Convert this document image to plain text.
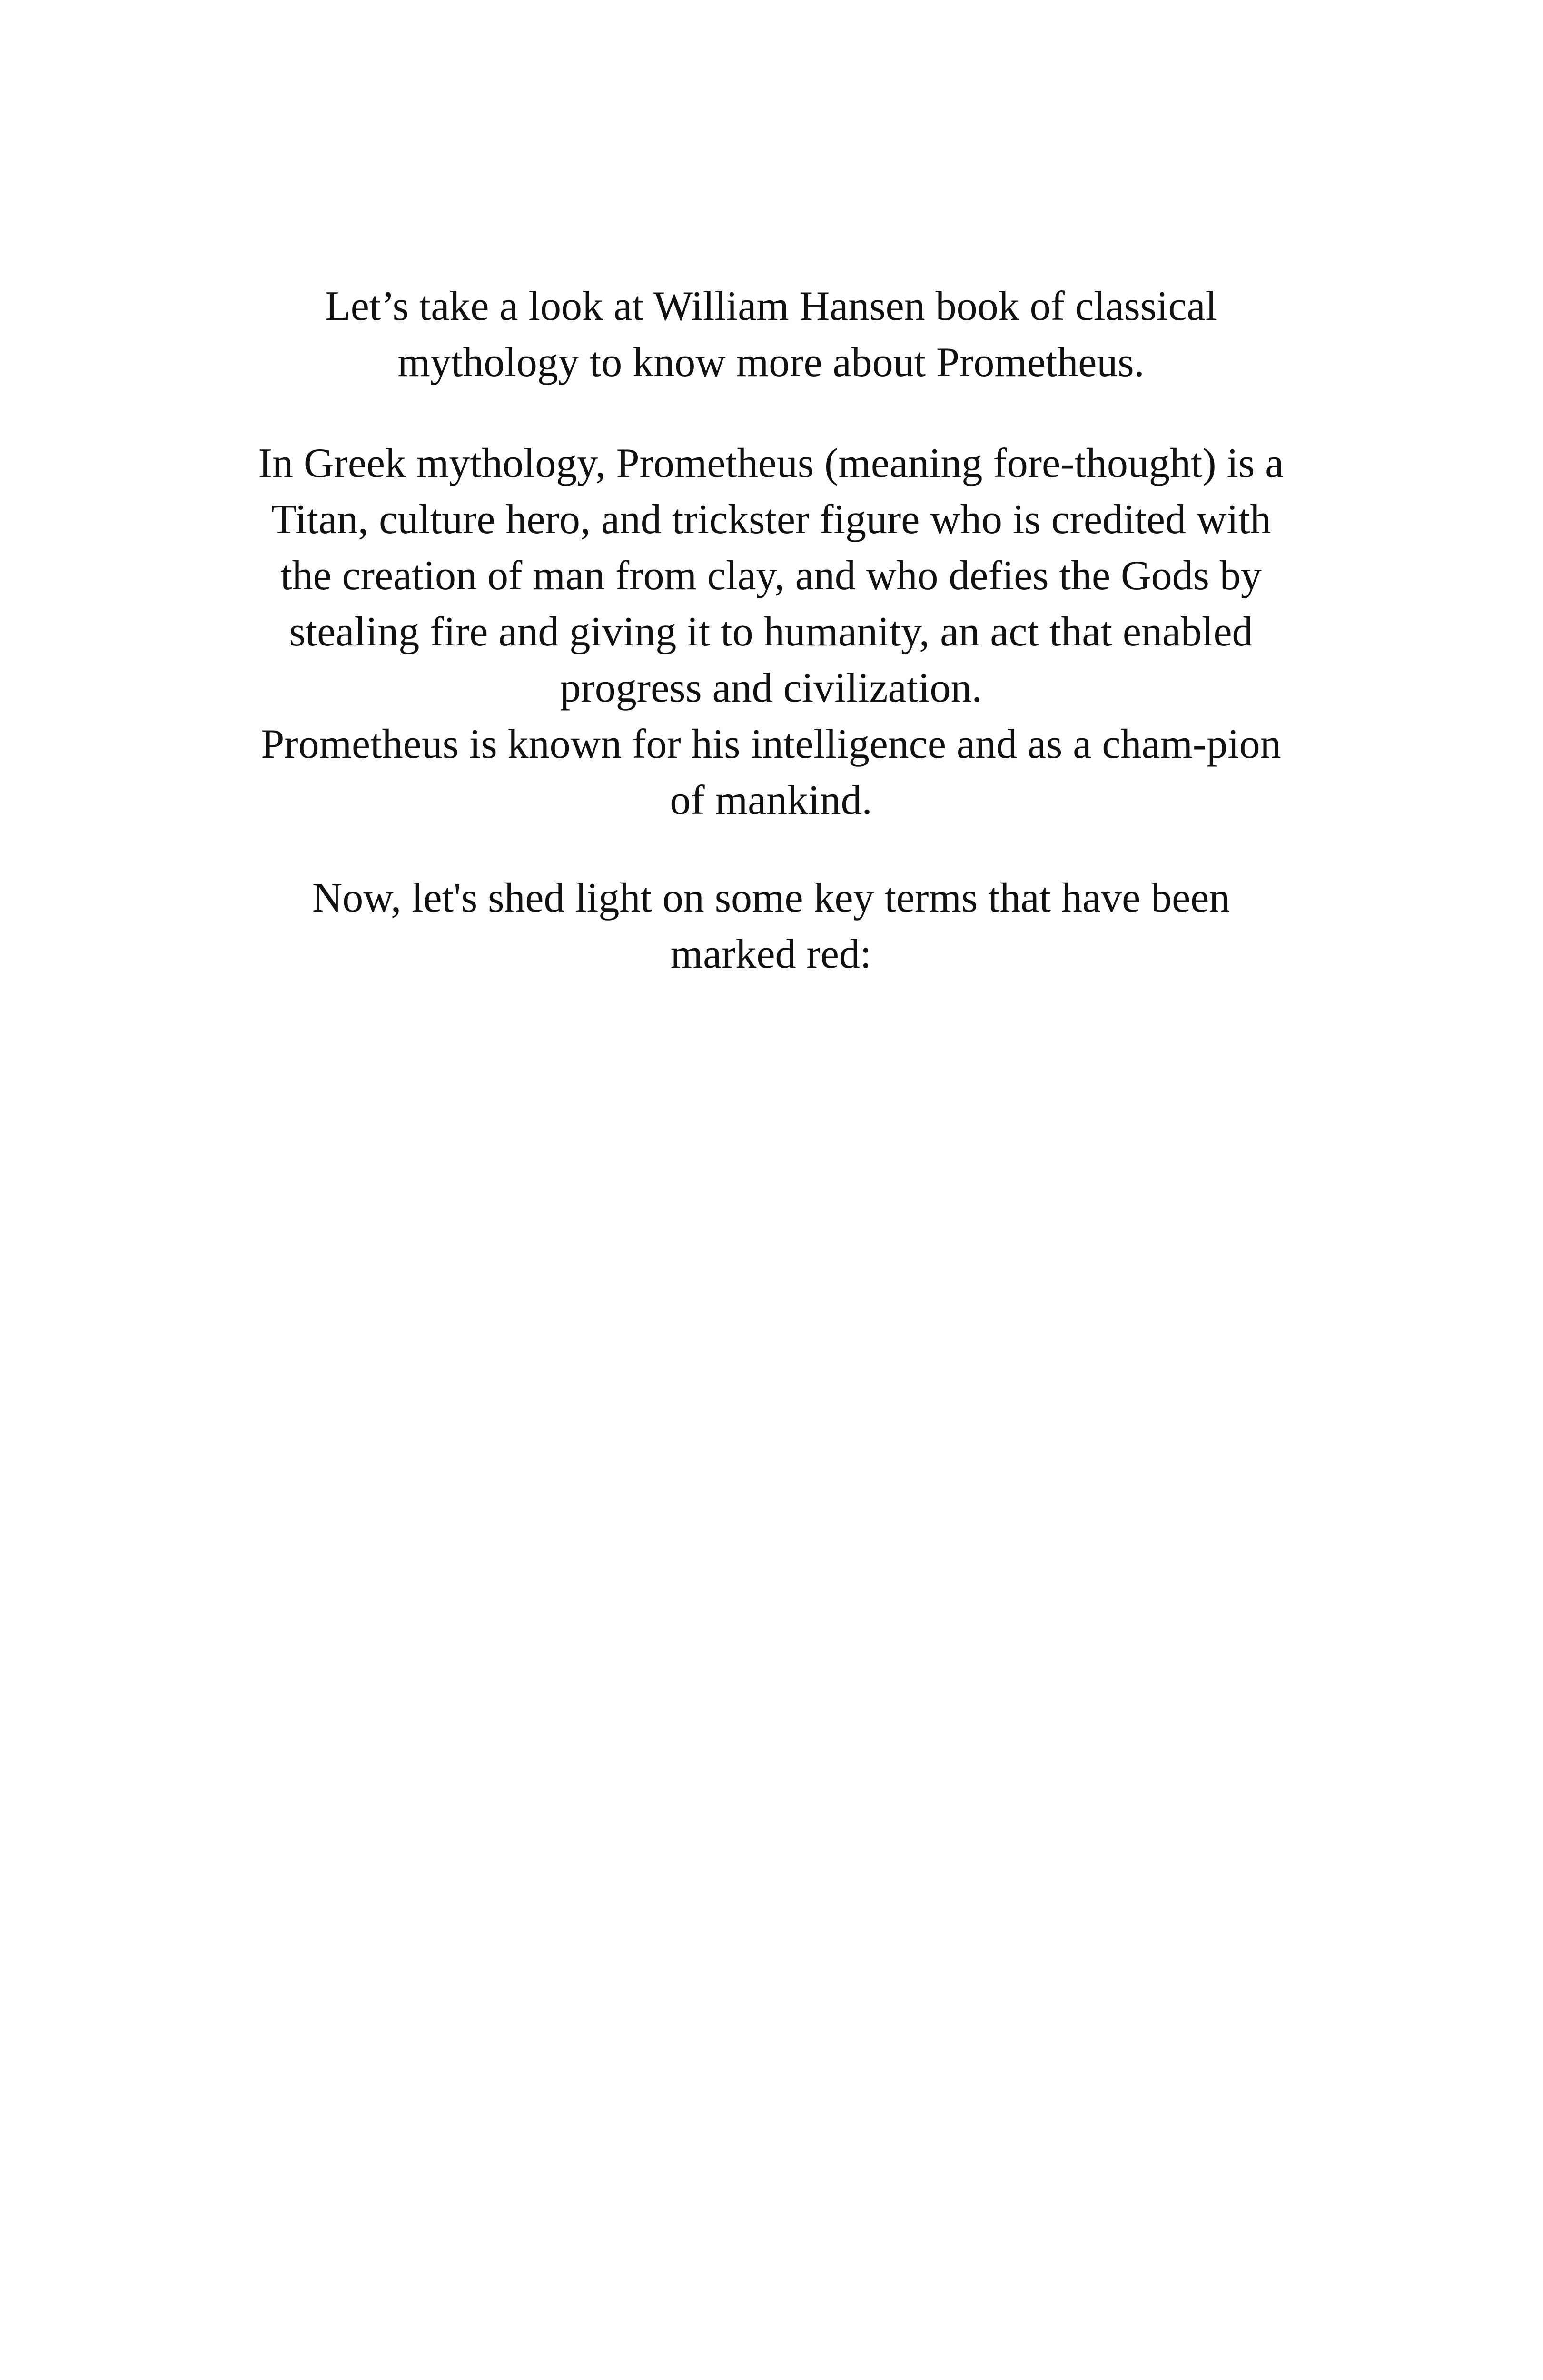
Let’s take a look at William Hansen book of classical
mythology to know more about Prometheus.
In Greek mythology, Prometheus (meaning fore-thought) is a
Titan, culture hero, and trickster figure who is credited with
the creation of man from clay, and who defies the Gods by
stealing fire and giving it to humanity, an act that enabled
progress and civilization.
Prometheus is known for his intelligence and as a cham-pion
of mankind.
Now, let's shed light on some key terms that have been
marked red:
